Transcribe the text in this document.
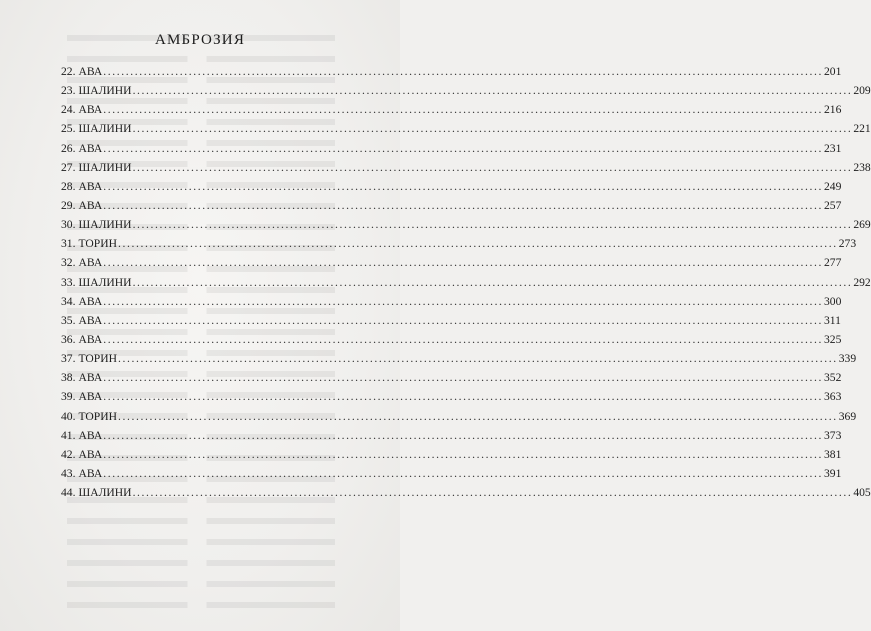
АМБРОЗИЯ
22. АВА ................................................................................................................................................................ 201
23. ШАЛИНИ ................................................................................................................................................................ 209
24. АВА ................................................................................................................................................................ 216
25. ШАЛИНИ ................................................................................................................................................................ 221
26. АВА ................................................................................................................................................................ 231
27. ШАЛИНИ ................................................................................................................................................................ 238
28. АВА ................................................................................................................................................................ 249
29. АВА ................................................................................................................................................................ 257
30. ШАЛИНИ ................................................................................................................................................................ 269
31. ТОРИН ................................................................................................................................................................ 273
32. АВА ................................................................................................................................................................ 277
33. ШАЛИНИ ................................................................................................................................................................ 292
34. АВА ................................................................................................................................................................ 300
35. АВА ................................................................................................................................................................ 311
36. АВА ................................................................................................................................................................ 325
37. ТОРИН ................................................................................................................................................................ 339
38. АВА ................................................................................................................................................................ 352
39. АВА ................................................................................................................................................................ 363
40. ТОРИН ................................................................................................................................................................ 369
41. АВА ................................................................................................................................................................ 373
42. АВА ................................................................................................................................................................ 381
43. АВА ................................................................................................................................................................ 391
44. ШАЛИНИ ................................................................................................................................................................ 405
